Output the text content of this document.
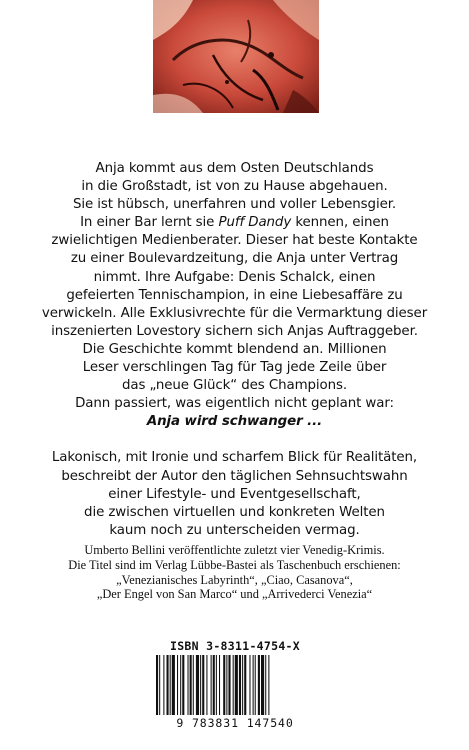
Anja kommt aus dem Osten Deutschlands
in die Großstadt, ist von zu Hause abgehauen.
Sie ist hübsch, unerfahren und voller Lebensgier.
In einer Bar lernt sie Puff Dandy kennen, einen
zwielichtigen Medienberater. Dieser hat beste Kontakte
zu einer Boulevardzeitung, die Anja unter Vertrag
nimmt. Ihre Aufgabe: Denis Schalck, einen
gefeierten Tennischampion, in eine Liebesaffäre zu
verwickeln. Alle Exklusivrechte für die Vermarktung dieser
inszenierten Lovestory sichern sich Anjas Auftraggeber.
Die Geschichte kommt blendend an. Millionen
Leser verschlingen Tag für Tag jede Zeile über
das „neue Glück“ des Champions.
Dann passiert, was eigentlich nicht geplant war:
Anja wird schwanger ...
Lakonisch, mit Ironie und scharfem Blick für Realitäten,
beschreibt der Autor den täglichen Sehnsuchtswahn
einer Lifestyle- und Eventgesellschaft,
die zwischen virtuellen und konkreten Welten
kaum noch zu unterscheiden vermag.
Umberto Bellini veröffentlichte zuletzt vier Venedig-Krimis.
Die Titel sind im Verlag Lübbe-Bastei als Taschenbuch erschienen:
„Venezianisches Labyrinth“, „Ciao, Casanova“,
„Der Engel von San Marco“ und „Arrivederci Venezia“
ISBN 3-8311-4754-X
9 783831 147540
